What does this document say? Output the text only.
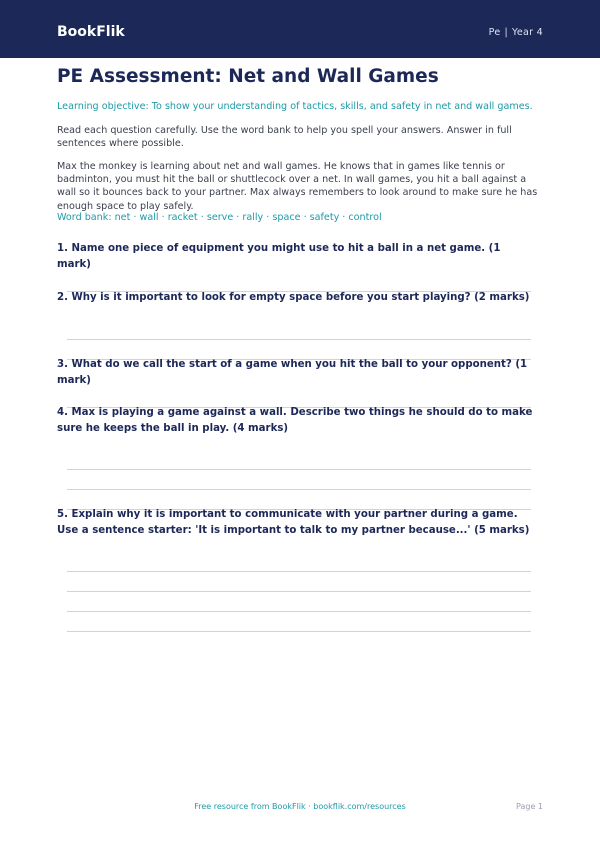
BookFlik	Pe | Year 4
PE Assessment: Net and Wall Games

Learning objective: To show your understanding of tactics, skills, and safety in net and wall games.

Read each question carefully. Use the word bank to help you spell your answers. Answer in full sentences where possible.

Max the monkey is learning about net and wall games. He knows that in games like tennis or badminton, you must hit the ball or shuttlecock over a net. In wall games, you hit a ball against a wall so it bounces back to your partner. Max always remembers to look around to make sure he has enough space to play safely.

Word bank: net · wall · racket · serve · rally · space · safety · control

1. Name one piece of equipment you might use to hit a ball in a net game. (1 mark)

2. Why is it important to look for empty space before you start playing? (2 marks)

3. What do we call the start of a game when you hit the ball to your opponent? (1 mark)

4. Max is playing a game against a wall. Describe two things he should do to make sure he keeps the ball in play. (4 marks)

5. Explain why it is important to communicate with your partner during a game. Use a sentence starter: 'It is important to talk to my partner because...' (5 marks)

Free resource from BookFlik · bookflik.com/resources	Page 1
